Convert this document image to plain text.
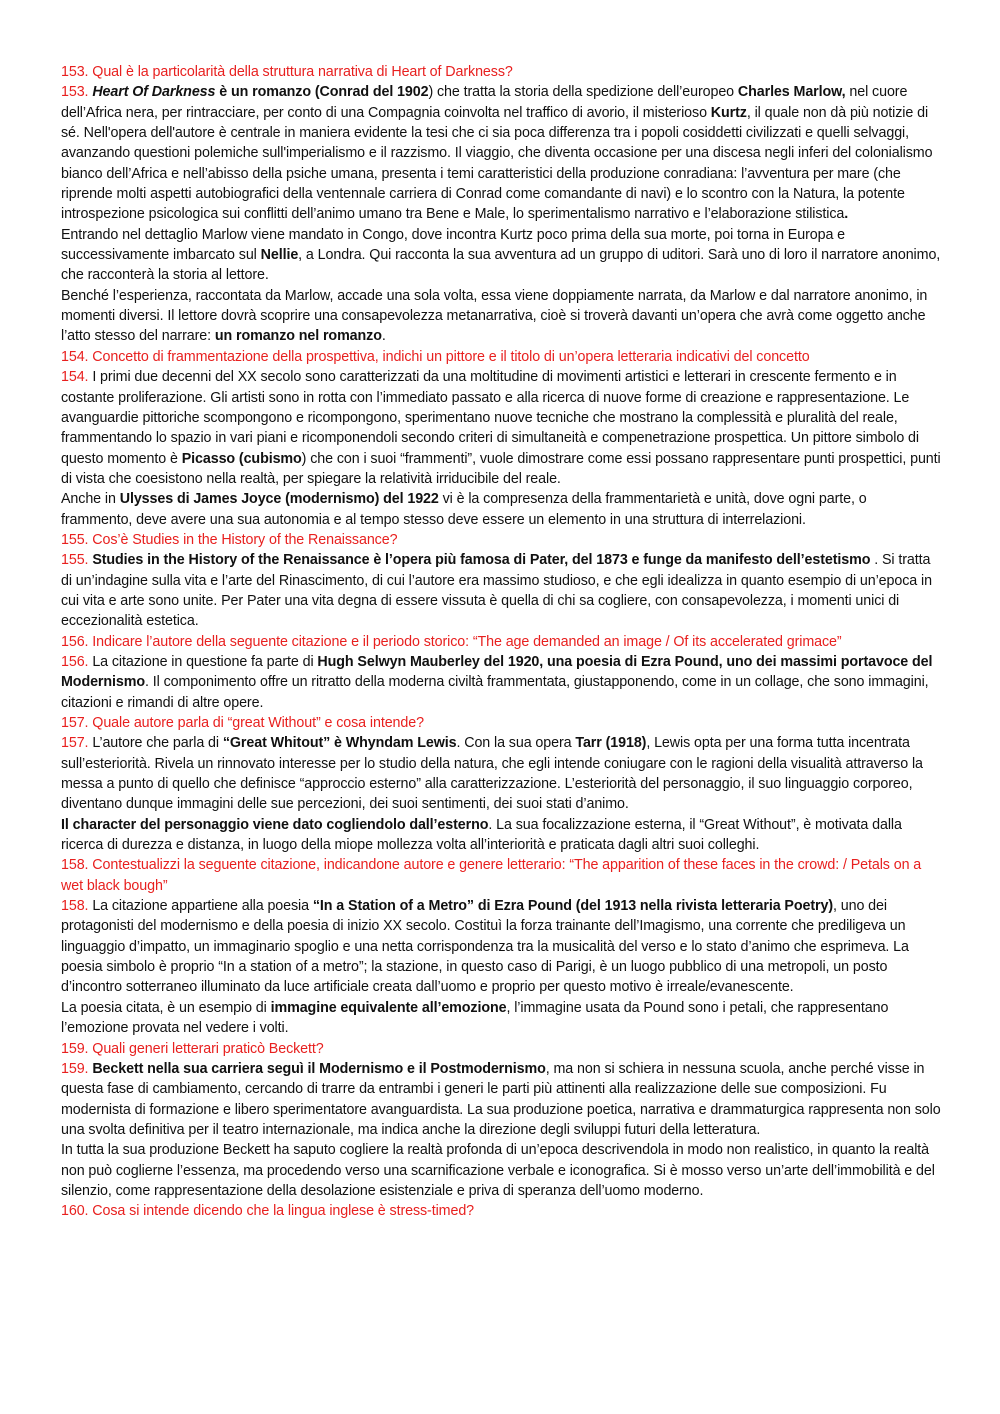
153. Qual è la particolarità della struttura narrativa di Heart of Darkness?

153. Heart Of Darkness è un romanzo (Conrad del 1902) che tratta la storia della spedizione dell’europeo Charles Marlow, nel cuore dell’Africa nera, per rintracciare, per conto di una Compagnia coinvolta nel traffico di avorio, il misterioso Kurtz, il quale non dà più notizie di sé. Nell'opera dell'autore è centrale in maniera evidente la tesi che ci sia poca differenza tra i popoli cosiddetti civilizzati e quelli selvaggi, avanzando questioni polemiche sull'imperialismo e il razzismo. Il viaggio, che diventa occasione per una discesa negli inferi del colonialismo bianco dell’Africa e nell’abisso della psiche umana, presenta i temi caratteristici della produzione conradiana: l’avventura per mare (che riprende molti aspetti autobiografici della ventennale carriera di Conrad come comandante di navi) e lo scontro con la Natura, la potente introspezione psicologica sui conflitti dell’animo umano tra Bene e Male, lo sperimentalismo narrativo e l’elaborazione stilistica.

Entrando nel dettaglio Marlow viene mandato in Congo, dove incontra Kurtz poco prima della sua morte, poi torna in Europa e successivamente imbarcato sul Nellie, a Londra. Qui racconta la sua avventura ad un gruppo di uditori. Sarà uno di loro il narratore anonimo, che racconterà la storia al lettore.

Benché l’esperienza, raccontata da Marlow, accade una sola volta, essa viene doppiamente narrata, da Marlow e dal narratore anonimo, in momenti diversi. Il lettore dovrà scoprire una consapevolezza metanarrativa, cioè si troverà davanti un’opera che avrà come oggetto anche l’atto stesso del narrare: un romanzo nel romanzo.

154. Concetto di frammentazione della prospettiva, indichi un pittore e il titolo di un’opera letteraria indicativi del concetto

154. I primi due decenni del XX secolo sono caratterizzati da una moltitudine di movimenti artistici e letterari in crescente fermento e in costante proliferazione. Gli artisti sono in rotta con l’immediato passato e alla ricerca di nuove forme di creazione e rappresentazione. Le avanguardie pittoriche scompongono e ricompongono, sperimentano nuove tecniche che mostrano la complessità e pluralità del reale, frammentando lo spazio in vari piani e ricomponendoli secondo criteri di simultaneità e compenetrazione prospettica. Un pittore simbolo di questo momento è Picasso (cubismo) che con i suoi “frammenti”, vuole dimostrare come essi possano rappresentare punti prospettici, punti di vista che coesistono nella realtà, per spiegare la relatività irriducibile del reale.

Anche in Ulysses di James Joyce (modernismo) del 1922 vi è la compresenza della frammentarietà e unità, dove ogni parte, o frammento, deve avere una sua autonomia e al tempo stesso deve essere un elemento in una struttura di interrelazioni.

155. Cos’è Studies in the History of the Renaissance?

155. Studies in the History of the Renaissance è l’opera più famosa di Pater, del 1873 e funge da manifesto dell’estetismo . Si tratta di un’indagine sulla vita e l’arte del Rinascimento, di cui l’autore era massimo studioso, e che egli idealizza in quanto esempio di un’epoca in cui vita e arte sono unite. Per Pater una vita degna di essere vissuta è quella di chi sa cogliere, con consapevolezza, i momenti unici di eccezionalità estetica.

156. Indicare l’autore della seguente citazione e il periodo storico: “The age demanded an image / Of its accelerated grimace”

156. La citazione in questione fa parte di Hugh Selwyn Mauberley del 1920, una poesia di Ezra Pound, uno dei massimi portavoce del Modernismo. Il componimento offre un ritratto della moderna civiltà frammentata, giustapponendo, come in un collage, che sono immagini, citazioni e rimandi di altre opere.

157. Quale autore parla di “great Without” e cosa intende?

157. L’autore che parla di “Great Whitout” è Whyndam Lewis. Con la sua opera Tarr (1918), Lewis opta per una forma tutta incentrata sull’esteriorità. Rivela un rinnovato interesse per lo studio della natura, che egli intende coniugare con le ragioni della visualità attraverso la messa a punto di quello che definisce “approccio esterno” alla caratterizzazione. L’esteriorità del personaggio, il suo linguaggio corporeo, diventano dunque immagini delle sue percezioni, dei suoi sentimenti, dei suoi stati d’animo.

Il character del personaggio viene dato cogliendolo dall’esterno. La sua focalizzazione esterna, il “Great Without”, è motivata dalla ricerca di durezza e distanza, in luogo della miope mollezza volta all’interiorità e praticata dagli altri suoi colleghi.

158. Contestualizzi la seguente citazione, indicandone autore e genere letterario: “The apparition of these faces in the crowd: / Petals on a wet black bough”

158. La citazione appartiene alla poesia “In a Station of a Metro” di Ezra Pound (del 1913 nella rivista letteraria Poetry), uno dei protagonisti del modernismo e della poesia di inizio XX secolo. Costituì la forza trainante dell’Imagismo, una corrente che prediligeva un linguaggio d’impatto, un immaginario spoglio e una netta corrispondenza tra la musicalità del verso e lo stato d’animo che esprimeva. La poesia simbolo è proprio “In a station of a metro”; la stazione, in questo caso di Parigi, è un luogo pubblico di una metropoli, un posto d’incontro sotterraneo illuminato da luce artificiale creata dall’uomo e proprio per questo motivo è irreale/evanescente.

La poesia citata, è un esempio di immagine equivalente all’emozione, l’immagine usata da Pound sono i petali, che rappresentano l’emozione provata nel vedere i volti.

159. Quali generi letterari praticò Beckett?

159. Beckett nella sua carriera seguì il Modernismo e il Postmodernismo, ma non si schiera in nessuna scuola, anche perché visse in questa fase di cambiamento, cercando di trarre da entrambi i generi le parti più attinenti alla realizzazione delle sue composizioni. Fu modernista di formazione e libero sperimentatore avanguardista. La sua produzione poetica, narrativa e drammaturgica rappresenta non solo una svolta definitiva per il teatro internazionale, ma indica anche la direzione degli sviluppi futuri della letteratura.

In tutta la sua produzione Beckett ha saputo cogliere la realtà profonda di un’epoca descrivendola in modo non realistico, in quanto la realtà non può coglierne l’essenza, ma procedendo verso una scarnificazione verbale e iconografica. Si è mosso verso un’arte dell’immobilità e del silenzio, come rappresentazione della desolazione esistenziale e priva di speranza dell’uomo moderno.

160. Cosa si intende dicendo che la lingua inglese è stress-timed?
